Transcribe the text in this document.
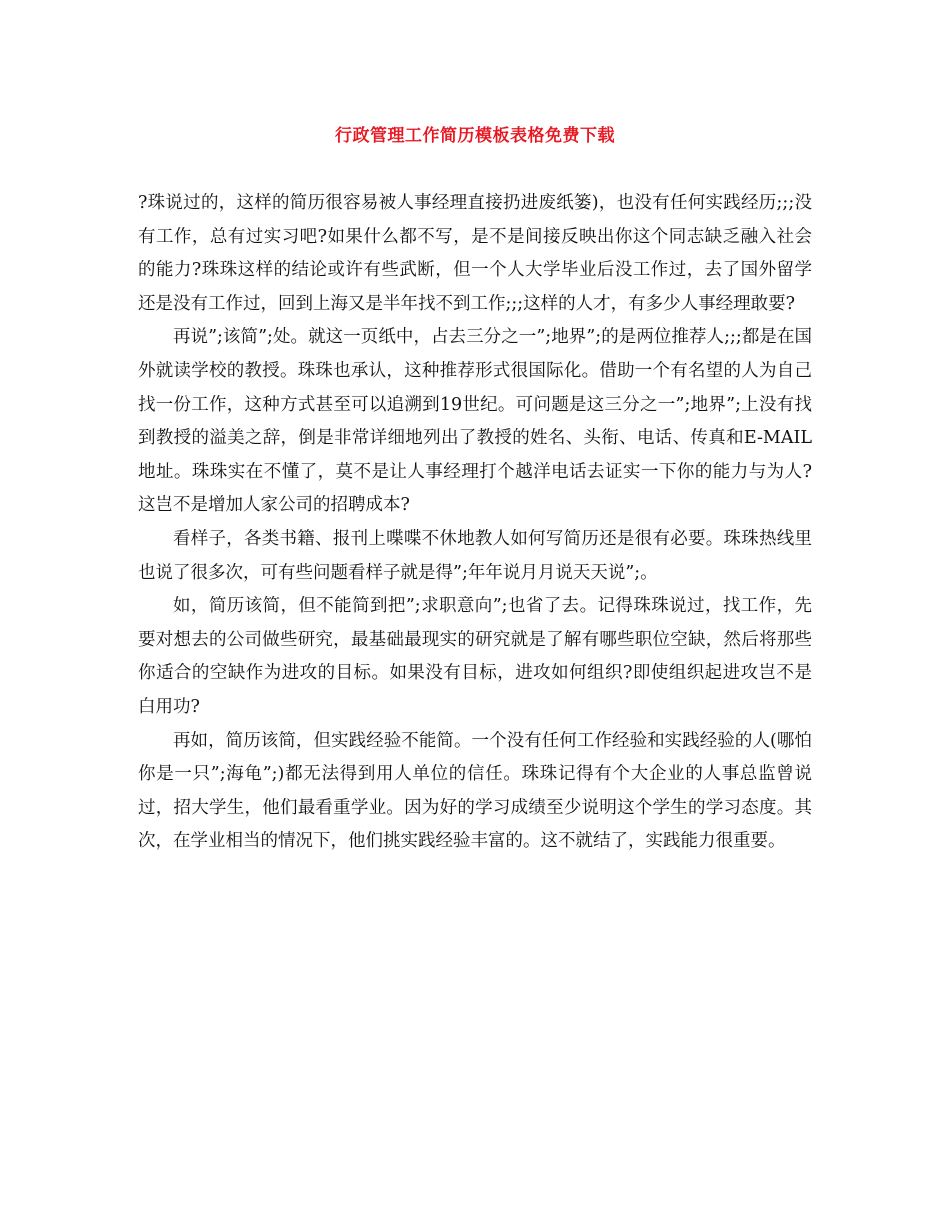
行政管理工作简历模板表格免费下载

?珠说过的，这样的简历很容易被人事经理直接扔进废纸篓)，也没有任何实践经历;;;没有工作，总有过实习吧?如果什么都不写，是不是间接反映出你这个同志缺乏融入社会的能力?珠珠这样的结论或许有些武断，但一个人大学毕业后没工作过，去了国外留学还是没有工作过，回到上海又是半年找不到工作;;;这样的人才，有多少人事经理敢要?

再说”;该简”;处。就这一页纸中，占去三分之一”;地界”;的是两位推荐人;;;都是在国外就读学校的教授。珠珠也承认，这种推荐形式很国际化。借助一个有名望的人为自己找一份工作，这种方式甚至可以追溯到19世纪。可问题是这三分之一”;地界”;上没有找到教授的溢美之辞，倒是非常详细地列出了教授的姓名、头衔、电话、传真和E-MAIL地址。珠珠实在不懂了，莫不是让人事经理打个越洋电话去证实一下你的能力与为人?这岂不是增加人家公司的招聘成本?

看样子，各类书籍、报刊上喋喋不休地教人如何写简历还是很有必要。珠珠热线里也说了很多次，可有些问题看样子就是得”;年年说月月说天天说”;。

如，简历该简，但不能简到把”;求职意向”;也省了去。记得珠珠说过，找工作，先要对想去的公司做些研究，最基础最现实的研究就是了解有哪些职位空缺，然后将那些你适合的空缺作为进攻的目标。如果没有目标，进攻如何组织?即使组织起进攻岂不是白用功?

再如，简历该简，但实践经验不能简。一个没有任何工作经验和实践经验的人(哪怕你是一只”;海龟”;)都无法得到用人单位的信任。珠珠记得有个大企业的人事总监曾说过，招大学生，他们最看重学业。因为好的学习成绩至少说明这个学生的学习态度。其次，在学业相当的情况下，他们挑实践经验丰富的。这不就结了，实践能力很重要。
